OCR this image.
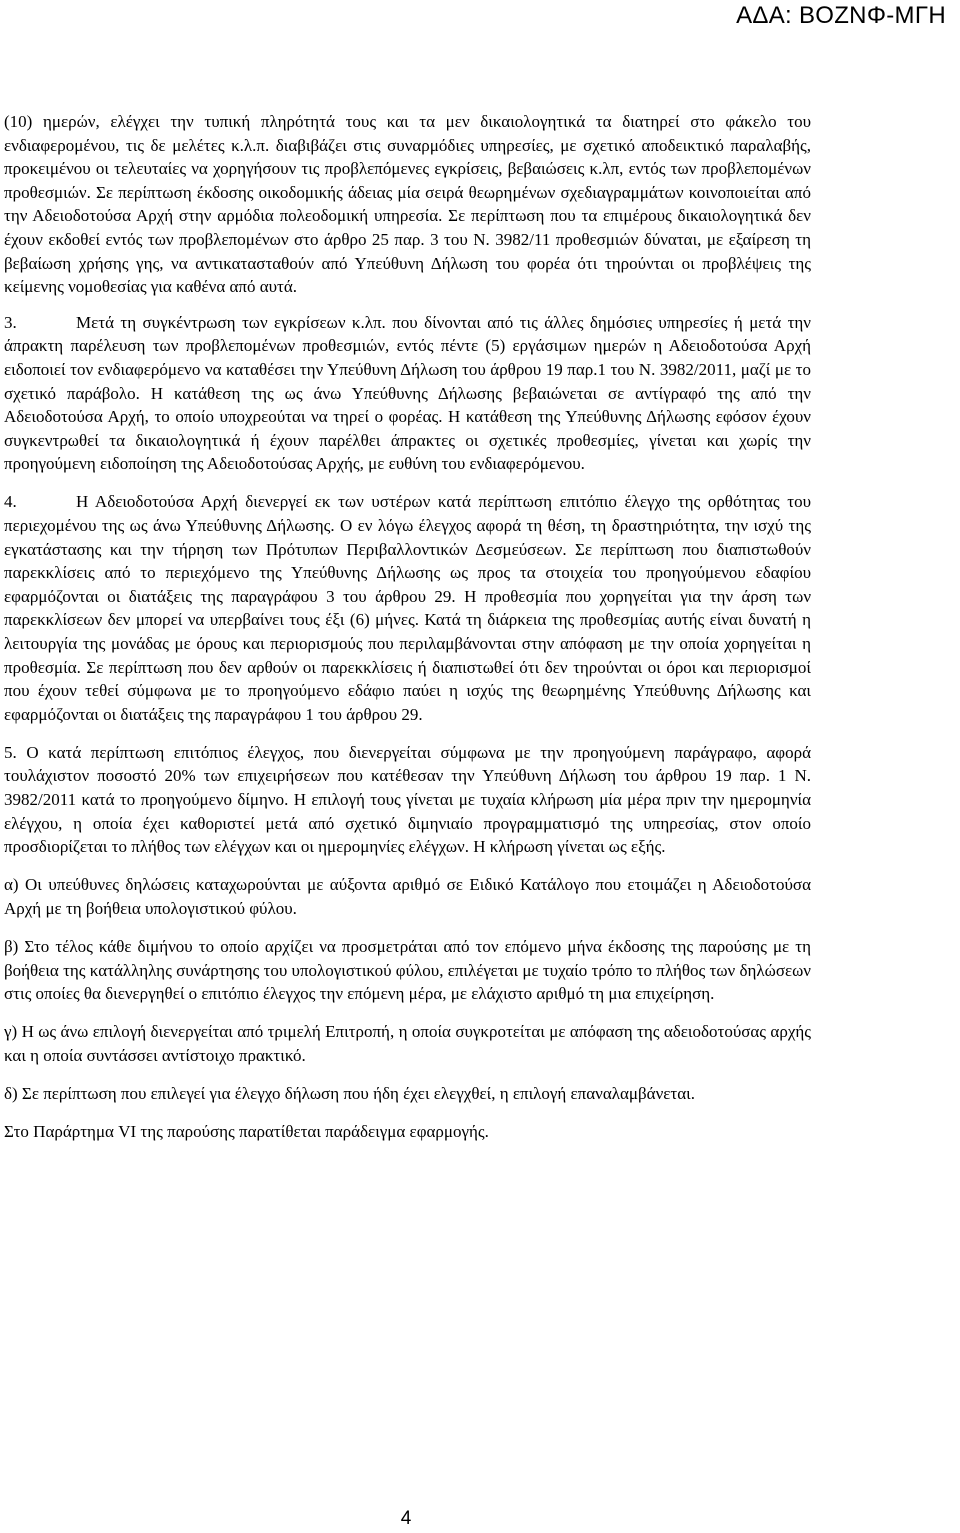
ΑΔΑ: ΒΟΖΝΦ-ΜΓΗ

(10) ημερών, ελέγχει την τυπική πληρότητά τους και τα μεν δικαιολογητικά τα διατηρεί στο φάκελο του ενδιαφερομένου, τις δε μελέτες κ.λ.π. διαβιβάζει στις συναρμόδιες υπηρεσίες, με σχετικό αποδεικτικό παραλαβής, προκειμένου οι τελευταίες να χορηγήσουν τις προβλεπόμενες εγκρίσεις, βεβαιώσεις κ.λπ, εντός των προβλεπομένων προθεσμιών. Σε περίπτωση έκδοσης οικοδομικής άδειας μία σειρά θεωρημένων σχεδιαγραμμάτων κοινοποιείται από την Αδειοδοτούσα Αρχή στην αρμόδια πολεοδομική υπηρεσία. Σε περίπτωση που τα επιμέρους δικαιολογητικά δεν έχουν εκδοθεί εντός των προβλεπομένων στο άρθρο 25 παρ. 3 του Ν. 3982/11 προθεσμιών δύναται, με εξαίρεση τη βεβαίωση χρήσης γης, να αντικατασταθούν από Υπεύθυνη Δήλωση του φορέα ότι τηρούνται οι προβλέψεις της κείμενης νομοθεσίας για καθένα από αυτά.

3.	Μετά τη συγκέντρωση των εγκρίσεων κ.λπ. που δίνονται από τις άλλες δημόσιες υπηρεσίες ή μετά την άπρακτη παρέλευση των προβλεπομένων προθεσμιών, εντός πέντε (5) εργάσιμων ημερών η Αδειοδοτούσα Αρχή ειδοποιεί τον ενδιαφερόμενο να καταθέσει την Υπεύθυνη Δήλωση του άρθρου 19 παρ.1 του Ν. 3982/2011, μαζί με το σχετικό παράβολο. Η κατάθεση της ως άνω Υπεύθυνης Δήλωσης βεβαιώνεται σε αντίγραφό της από την Αδειοδοτούσα Αρχή, το οποίο υποχρεούται να τηρεί ο φορέας. Η κατάθεση της Υπεύθυνης Δήλωσης εφόσον έχουν συγκεντρωθεί τα δικαιολογητικά ή έχουν παρέλθει άπρακτες οι σχετικές προθεσμίες, γίνεται και χωρίς την προηγούμενη ειδοποίηση της Αδειοδοτούσας Αρχής, με ευθύνη του ενδιαφερόμενου.

4.	Η Αδειοδοτούσα Αρχή διενεργεί εκ των υστέρων κατά περίπτωση επιτόπιο έλεγχο της ορθότητας του περιεχομένου της ως άνω Υπεύθυνης Δήλωσης. Ο εν λόγω έλεγχος αφορά τη θέση, τη δραστηριότητα, την ισχύ της εγκατάστασης και την τήρηση των Πρότυπων Περιβαλλοντικών Δεσμεύσεων. Σε περίπτωση που διαπιστωθούν παρεκκλίσεις από το περιεχόμενο της Υπεύθυνης Δήλωσης ως προς τα στοιχεία του προηγούμενου εδαφίου εφαρμόζονται οι διατάξεις της παραγράφου 3 του άρθρου 29. Η προθεσμία που χορηγείται για την άρση των παρεκκλίσεων δεν μπορεί να υπερβαίνει τους έξι (6) μήνες. Κατά τη διάρκεια της προθεσμίας αυτής είναι δυνατή η λειτουργία της μονάδας με όρους και περιορισμούς που περιλαμβάνονται στην απόφαση με την οποία χορηγείται η προθεσμία. Σε περίπτωση που δεν αρθούν οι παρεκκλίσεις ή διαπιστωθεί ότι δεν τηρούνται οι όροι και περιορισμοί που έχουν τεθεί σύμφωνα με το προηγούμενο εδάφιο παύει η ισχύς της θεωρημένης Υπεύθυνης Δήλωσης και εφαρμόζονται οι διατάξεις της παραγράφου 1 του άρθρου 29.

5. Ο κατά περίπτωση επιτόπιος έλεγχος, που διενεργείται σύμφωνα με την προηγούμενη παράγραφο, αφορά τουλάχιστον ποσοστό 20% των επιχειρήσεων που κατέθεσαν την Υπεύθυνη Δήλωση του άρθρου 19 παρ. 1 Ν. 3982/2011 κατά το προηγούμενο δίμηνο. Η επιλογή τους γίνεται με τυχαία κλήρωση μία μέρα πριν την ημερομηνία ελέγχου, η οποία έχει καθοριστεί μετά από σχετικό διμηνιαίο προγραμματισμό της υπηρεσίας, στον οποίο προσδιορίζεται το πλήθος των ελέγχων και οι ημερομηνίες ελέγχων. Η κλήρωση γίνεται ως εξής.

α) Οι υπεύθυνες δηλώσεις καταχωρούνται με αύξοντα αριθμό σε Ειδικό Κατάλογο που ετοιμάζει η Αδειοδοτούσα Αρχή με τη βοήθεια υπολογιστικού φύλου.

β) Στο τέλος κάθε διμήνου το οποίο αρχίζει να προσμετράται από τον επόμενο μήνα έκδοσης της παρούσης με τη βοήθεια της κατάλληλης συνάρτησης του υπολογιστικού φύλου, επιλέγεται με τυχαίο τρόπο το πλήθος των δηλώσεων στις οποίες θα διενεργηθεί ο επιτόπιο έλεγχος την επόμενη μέρα, με ελάχιστο αριθμό τη μια επιχείρηση.

γ) Η ως άνω επιλογή διενεργείται από τριμελή Επιτροπή, η οποία συγκροτείται με απόφαση της αδειοδοτούσας αρχής και η οποία συντάσσει αντίστοιχο πρακτικό.

δ) Σε περίπτωση που επιλεγεί για έλεγχο δήλωση που ήδη έχει ελεγχθεί, η επιλογή επαναλαμβάνεται.

Στο Παράρτημα VI της παρούσης παρατίθεται παράδειγμα εφαρμογής.

4
